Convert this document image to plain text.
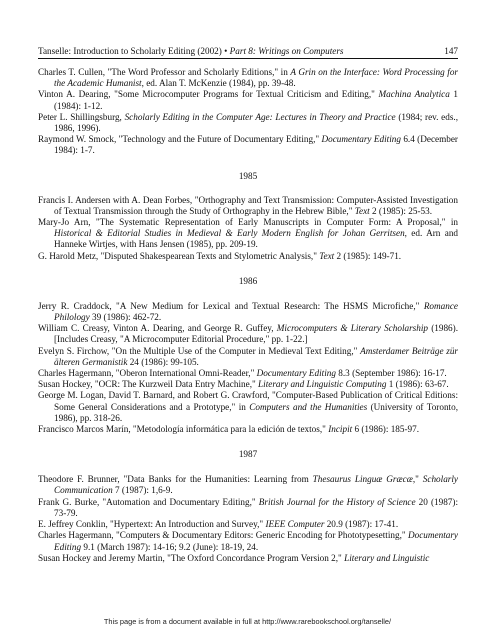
Tanselle: Introduction to Scholarly Editing (2002) • Part 8: Writings on Computers	147

Charles T. Cullen, "The Word Professor and Scholarly Editions," in A Grin on the Interface: Word Processing for the Academic Humanist, ed. Alan T. McKenzie (1984), pp. 39-48.

Vinton A. Dearing, "Some Microcomputer Programs for Textual Criticism and Editing," Machina Analytica 1 (1984): 1-12.

Peter L. Shillingsburg, Scholarly Editing in the Computer Age: Lectures in Theory and Practice (1984; rev. eds., 1986, 1996).

Raymond W. Smock, "Technology and the Future of Documentary Editing," Documentary Editing 6.4 (December 1984): 1-7.

1985

Francis I. Andersen with A. Dean Forbes, "Orthography and Text Transmission: Computer-Assisted Investigation of Textual Transmission through the Study of Orthography in the Hebrew Bible," Text 2 (1985): 25-53.

Mary-Jo Arn, "The Systematic Representation of Early Manuscripts in Computer Form: A Proposal," in Historical & Editorial Studies in Medieval & Early Modern English for Johan Gerritsen, ed. Arn and Hanneke Wirtjes, with Hans Jensen (1985), pp. 209-19.

G. Harold Metz, "Disputed Shakespearean Texts and Stylometric Analysis," Text 2 (1985): 149-71.

1986

Jerry R. Craddock, "A New Medium for Lexical and Textual Research: The HSMS Microfiche," Romance Philology 39 (1986): 462-72.

William C. Creasy, Vinton A. Dearing, and George R. Guffey, Microcomputers & Literary Scholarship (1986). [Includes Creasy, "A Microcomputer Editorial Procedure," pp. 1-22.]

Evelyn S. Firchow, "On the Multiple Use of the Computer in Medieval Text Editing," Amsterdamer Beiträge zür älteren Germanistik 24 (1986): 99-105.

Charles Hagermann, "Oberon International Omni-Reader," Documentary Editing 8.3 (September 1986): 16-17.

Susan Hockey, "OCR: The Kurzweil Data Entry Machine," Literary and Linguistic Computing 1 (1986): 63-67.

George M. Logan, David T. Barnard, and Robert G. Crawford, "Computer-Based Publication of Critical Editions: Some General Considerations and a Prototype," in Computers and the Humanities (University of Toronto, 1986), pp. 318-26.

Francisco Marcos Marín, "Metodología informática para la edición de textos," Incipit 6 (1986): 185-97.

1987

Theodore F. Brunner, "Data Banks for the Humanities: Learning from Thesaurus Linguæ Græcæ," Scholarly Communication 7 (1987): 1,6-9.

Frank G. Burke, "Automation and Documentary Editing," British Journal for the History of Science 20 (1987): 73-79.

E. Jeffrey Conklin, "Hypertext: An Introduction and Survey," IEEE Computer 20.9 (1987): 17-41.

Charles Hagermann, "Computers & Documentary Editors: Generic Encoding for Phototypesetting," Documentary Editing 9.1 (March 1987): 14-16; 9.2 (June): 18-19, 24.

Susan Hockey and Jeremy Martin, "The Oxford Concordance Program Version 2," Literary and Linguistic

This page is from a document available in full at http://www.rarebookschool.org/tanselle/
